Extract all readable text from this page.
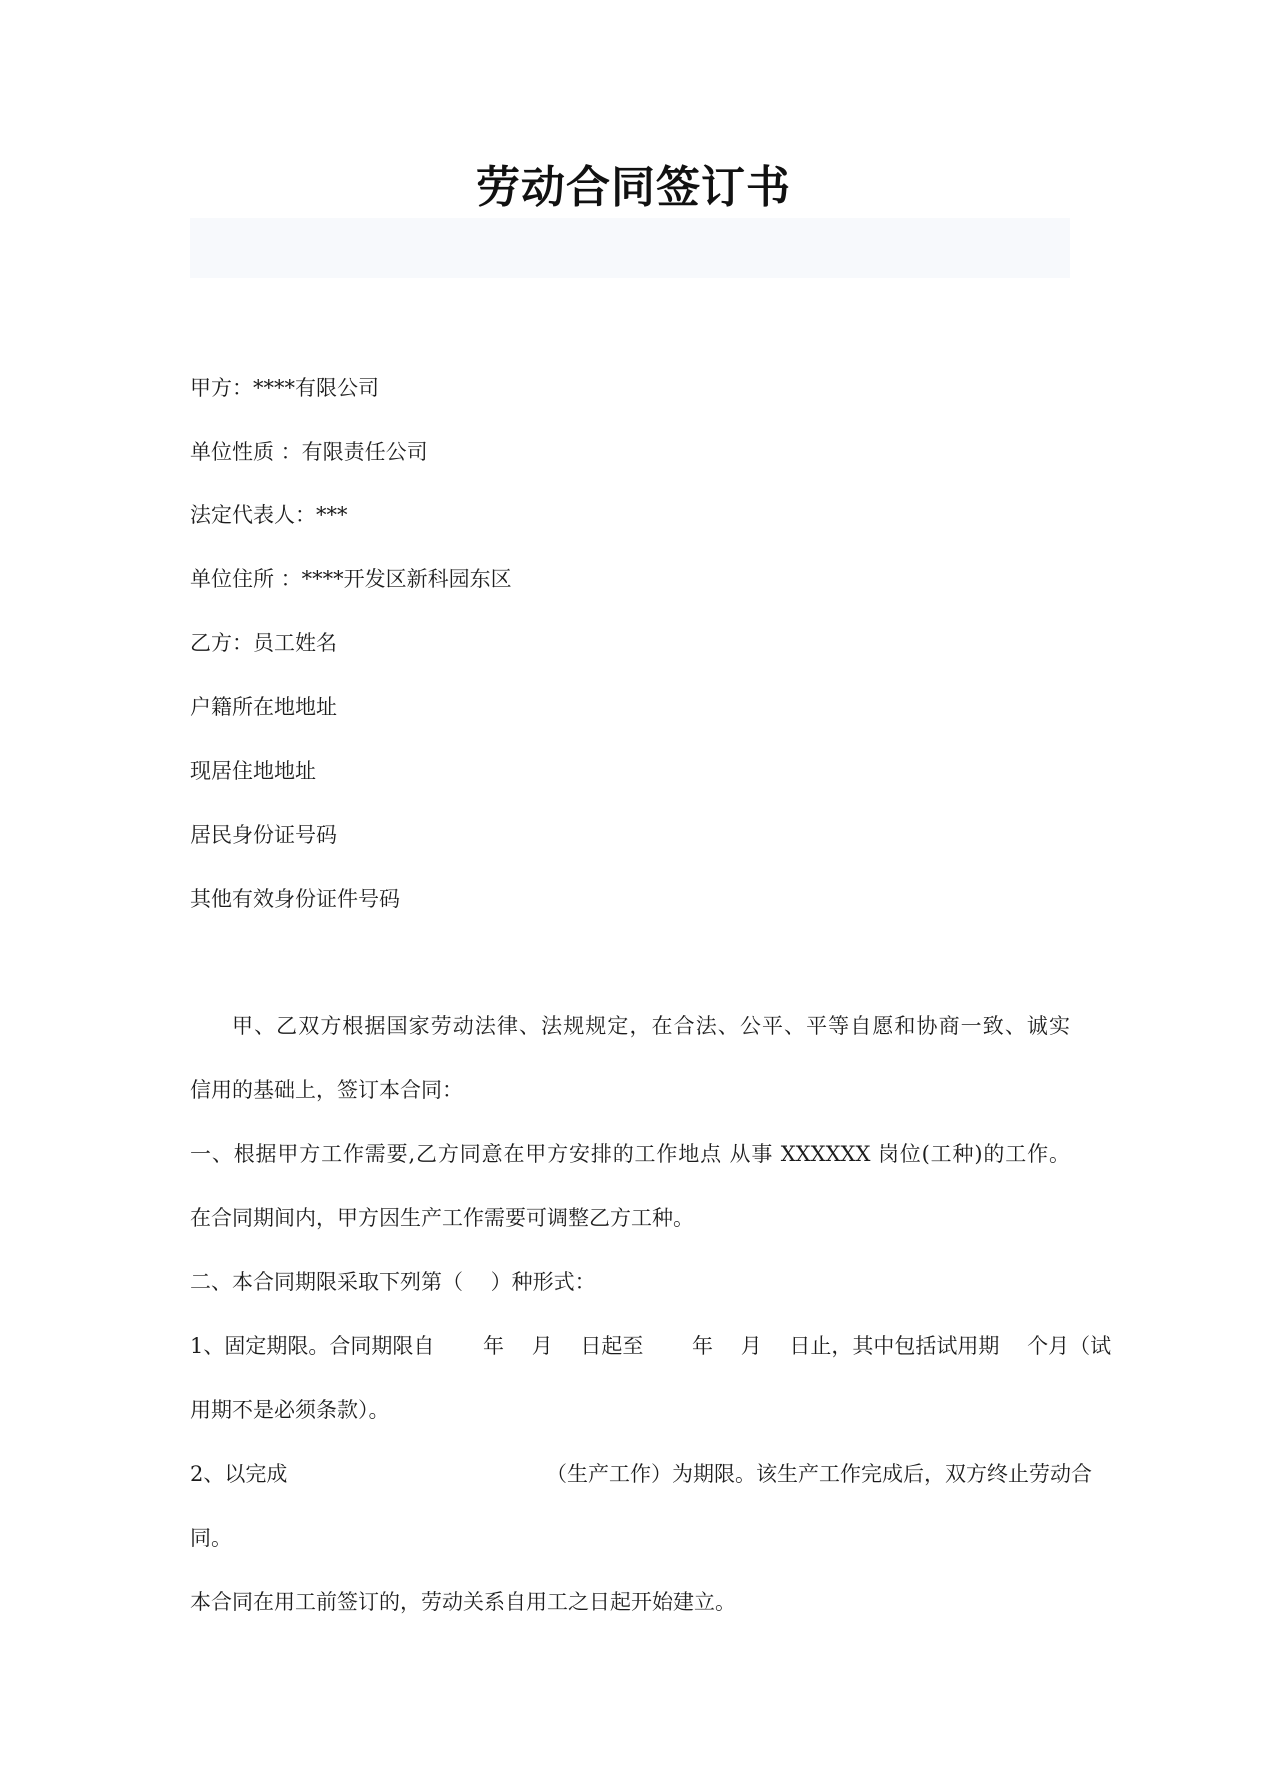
劳动合同签订书
甲方：****有限公司
单位性质 ：有限责任公司
法定代表人：***
单位住所 ：****开发区新科园东区
乙方：员工姓名
户籍所在地地址
现居住地地址
居民身份证号码
其他有效身份证件号码
甲、乙双方根据国家劳动法律、法规规定，在合法、公平、平等自愿和协商一致、诚实
信用的基础上，签订本合同：
一、根据甲方工作需要,乙方同意在甲方安排的工作地点 从事 XXXXXX 岗位(工种)的工作。
在合同期间内，甲方因生产工作需要可调整乙方工种。
二、本合同期限采取下列第（　 ）种形式：
1、固定期限。合同期限自　　 年　 月　 日起至　　 年　 月　 日止，其中包括试用期　 个月（试
用期不是必须条款）。
2、以完成　　　　　　　　　　　　 （生产工作）为期限。该生产工作完成后，双方终止劳动合
同。
本合同在用工前签订的，劳动关系自用工之日起开始建立。
